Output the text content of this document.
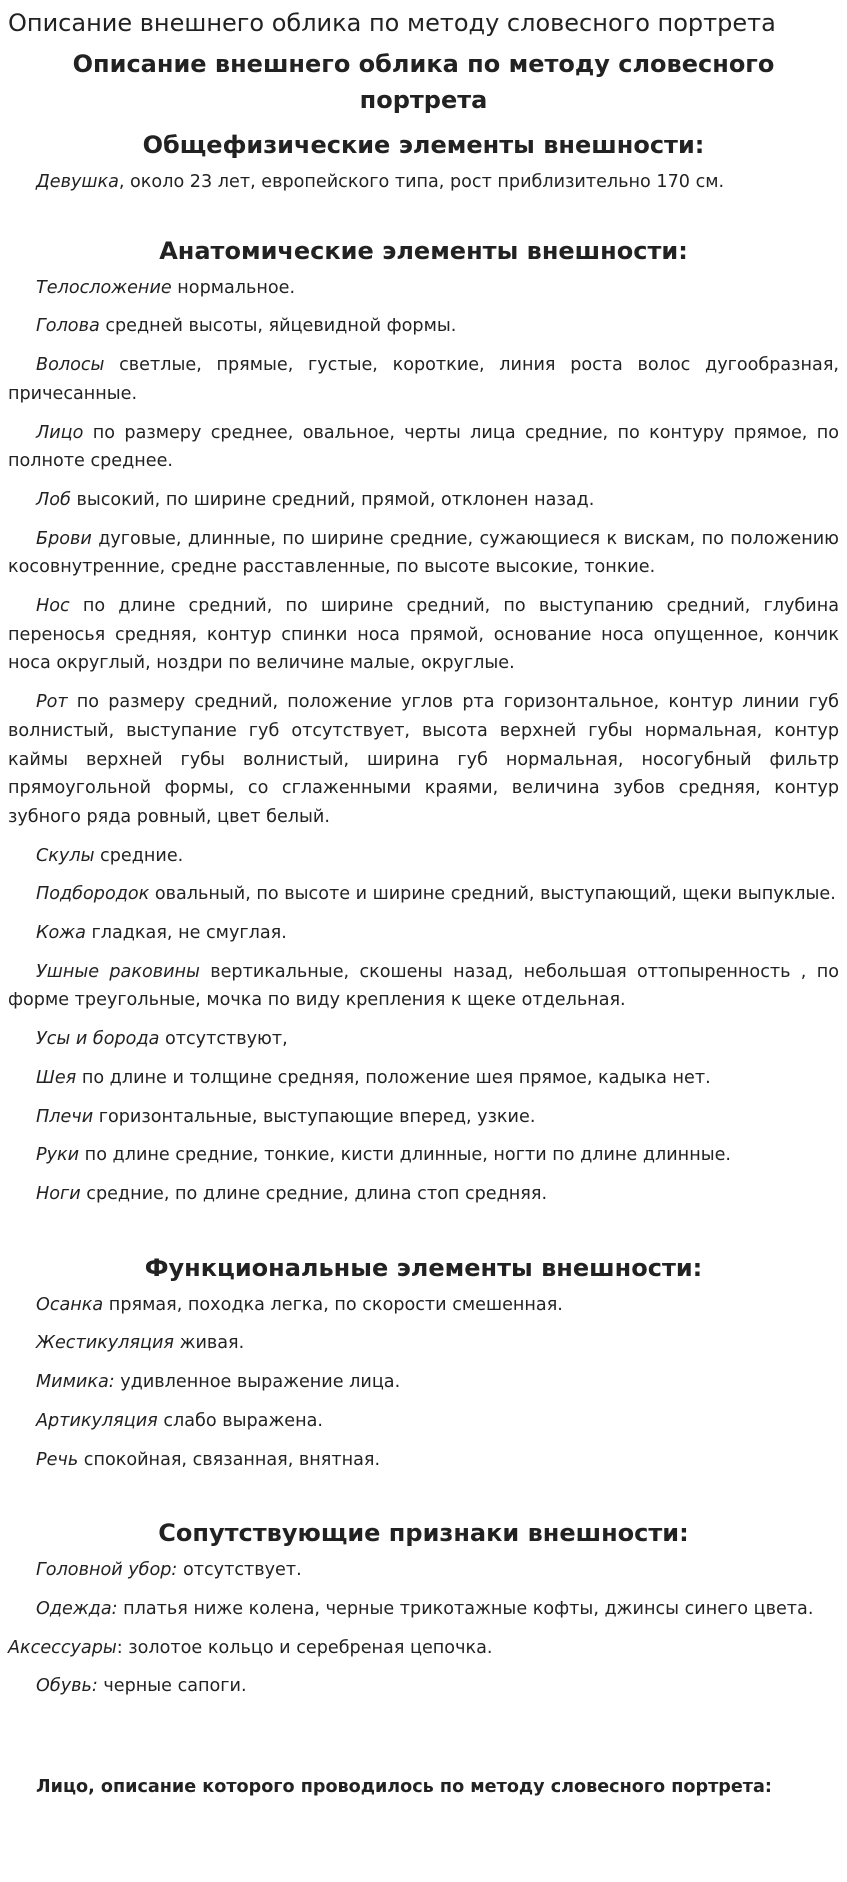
Описание внешнего облика по методу словесного портрета
Описание внешнего облика по методу словесного портрета
Общефизические элементы внешности:

Девушка, около 23 лет, европейского типа, рост приблизительно 170 см.

Анатомические элементы внешности:

Телосложение нормальное.

Голова средней высоты, яйцевидной формы.

Волосы светлые, прямые, густые, короткие, линия роста волос дугообразная, причесанные.

Лицо по размеру среднее, овальное, черты лица средние, по контуру прямое, по полноте среднее.

Лоб высокий, по ширине средний, прямой, отклонен назад.

Брови дуговые, длинные, по ширине средние, сужающиеся к вискам, по положению косовнутренние, средне расставленные, по высоте высокие, тонкие.

Нос по длине средний, по ширине средний, по выступанию средний, глубина переносья средняя, контур спинки носа прямой, основание носа опущенное, кончик носа округлый, ноздри по величине малые, округлые.

Рот по размеру средний, положение углов рта горизонтальное, контур линии губ волнистый, выступание губ отсутствует, высота верхней губы нормальная, контур каймы верхней губы волнистый, ширина губ нормальная, носогубный фильтр прямоугольной формы, со сглаженными краями, величина зубов средняя, контур зубного ряда ровный, цвет белый.

Скулы средние.

Подбородок овальный, по высоте и ширине средний, выступающий, щеки выпуклые.

Кожа гладкая, не смуглая.

Ушные раковины вертикальные, скошены назад, небольшая оттопыренность , по форме треугольные, мочка по виду крепления к щеке отдельная.

Усы и борода отсутствуют,

Шея по длине и толщине средняя, положение шея прямое, кадыка нет.

Плечи горизонтальные, выступающие вперед, узкие.

Руки по длине средние, тонкие, кисти длинные, ногти по длине длинные.

Ноги средние, по длине средние, длина стоп средняя.

Функциональные элементы внешности:

Осанка прямая, походка легка, по скорости смешенная.

Жестикуляция живая.

Мимика: удивленное выражение лица.

Артикуляция слабо выражена.

Речь спокойная, связанная, внятная.

Сопутствующие признаки внешности:

Головной убор: отсутствует.

Одежда: платья ниже колена, черные трикотажные кофты, джинсы синего цвета.

Аксессуары: золотое кольцо и серебреная цепочка.

Обувь: черные сапоги.

Лицо, описание которого проводилось по методу словесного портрета:
